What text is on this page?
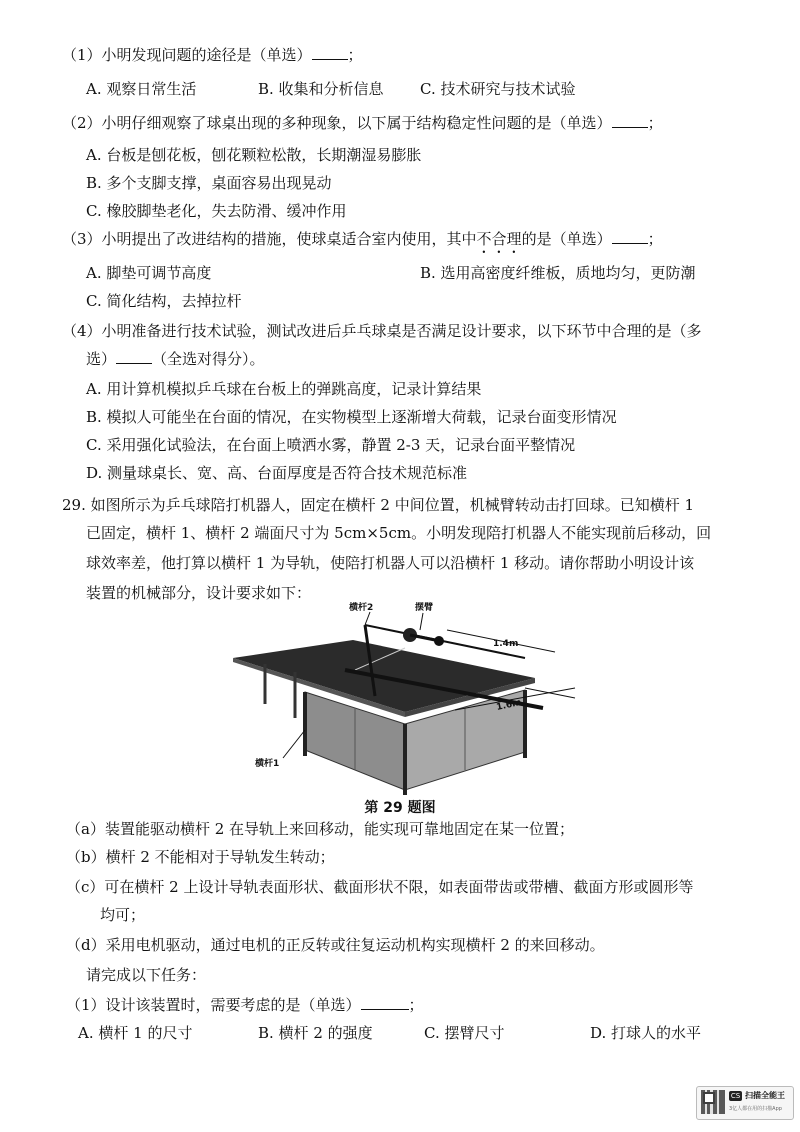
（1）小明发现问题的途径是（单选） ；
A. 观察日常生活	B. 收集和分析信息 C. 技术研究与技术试验
（2）小明仔细观察了球桌出现的多种现象，以下属于结构稳定性问题的是（单选） ；
A. 台板是刨花板，刨花颗粒松散，长期潮湿易膨胀
B. 多个支脚支撑，桌面容易出现晃动
C. 橡胶脚垫老化，失去防滑、缓冲作用
（3）小明提出了改进结构的措施，使球桌适合室内使用，其中不合理的是（单选） ；
A. 脚垫可调节高度	B. 选用高密度纤维板，质地均匀，更防潮
C. 简化结构，去掉拉杆
（4）小明准备进行技术试验，测试改进后乒乓球桌是否满足设计要求，以下环节中合理的是（多
选） （全选对得分）。
A. 用计算机模拟乒乓球在台板上的弹跳高度，记录计算结果
B. 模拟人可能坐在台面的情况，在实物模型上逐渐增大荷载，记录台面变形情况
C. 采用强化试验法，在台面上喷洒水雾，静置 2-3 天，记录台面平整情况
D. 测量球桌长、宽、高、台面厚度是否符合技术规范标准
29. 如图所示为乒乓球陪打机器人，固定在横杆 2 中间位置，机械臂转动击打回球。已知横杆 1
已固定，横杆 1、横杆 2 端面尺寸为 5cm×5cm。小明发现陪打机器人不能实现前后移动，回
球效率差，他打算以横杆 1 为导轨，使陪打机器人可以沿横杆 1 移动。请你帮助小明设计该
装置的机械部分，设计要求如下：
（a）装置能驱动横杆 2 在导轨上来回移动，能实现可靠地固定在某一位置；
（b）横杆 2 不能相对于导轨发生转动；
（c）可在横杆 2 上设计导轨表面形状、截面形状不限，如表面带齿或带槽、截面方形或圆形等
均可；
（d）采用电机驱动，通过电机的正反转或往复运动机构实现横杆 2 的来回移动。
请完成以下任务：
（1）设计该装置时，需要考虑的是（单选）	；
A. 横杆 1 的尺寸	B. 横杆 2 的强度	C. 摆臂尺寸	D. 打球人的水平
横杆2	摆臂
1.4m
1.6m
横杆1
第 29 题图
CS 扫描全能王
3亿人都在用的扫描App
